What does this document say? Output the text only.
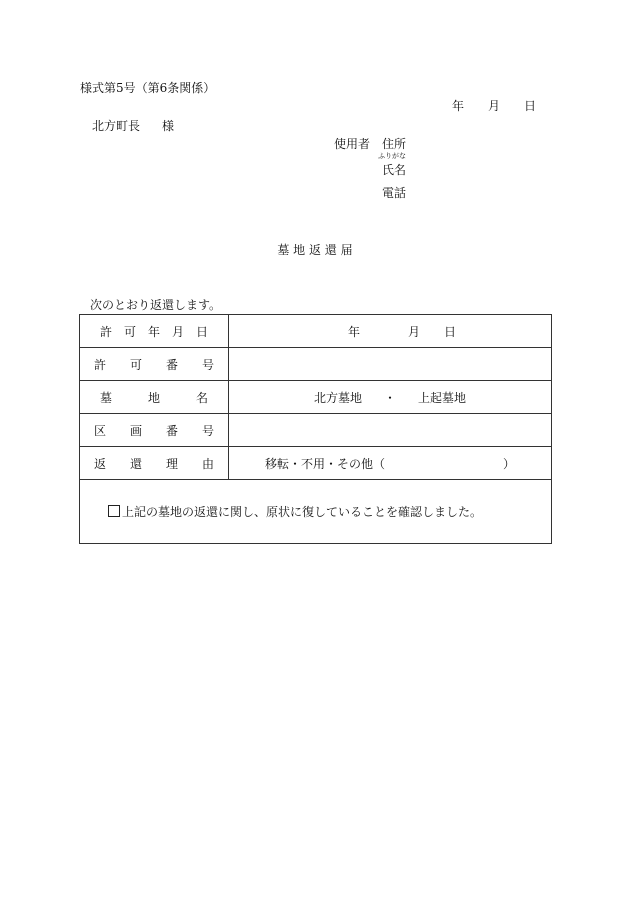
様式第5号（第6条関係）
年 月 日
北方町長 様
使用者 住所
ふりがな
氏名
電話
墓 地 返 還 届
次のとおり返還します。
許　可　年　月　日	年 月 日
許　　可　　番　　号	
墓　　　地　　　名	北方墓地 ・ 上起墓地
区　　画　　番　　号	
返　　還　　理　　由	移転・不用・その他（ ）
上記の墓地の返還に関し、原状に復していることを確認しました。	
